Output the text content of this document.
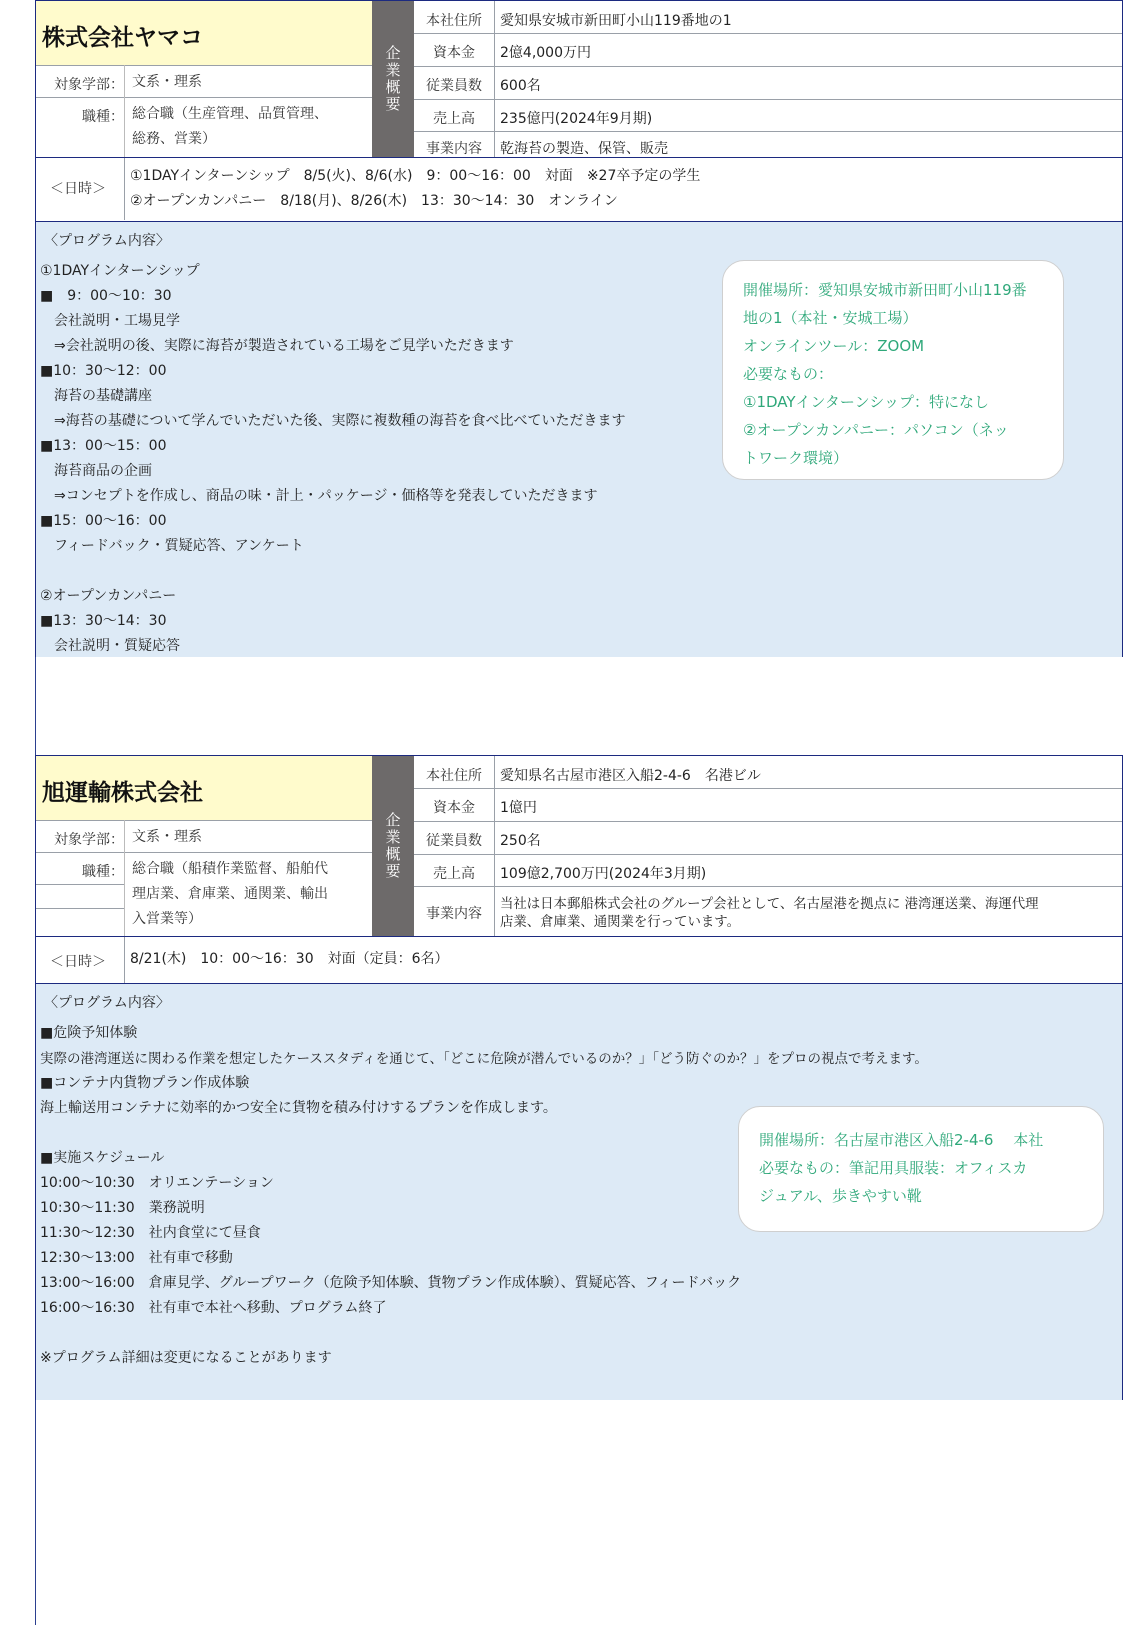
株式会社ヤマコ
対象学部： 文系・理系
職種： 総合職（生産管理、品質管理、
総務、営業）
企業概要
本社住所	愛知県安城市新田町小山119番地の1
資本金	2億4,000万円
従業員数	600名
売上高	235億円(2024年9月期)
事業内容	乾海苔の製造、保管、販売
＜日時＞
①1DAYインターンシップ　8/5(火)、8/6(水)　9：00〜16：00　対面　※27卒予定の学生
②オープンカンパニー　8/18(月)、8/26(木)　13：30〜14：30　オンライン
〈プログラム内容〉
①1DAYインターンシップ
■　9：00〜10：30
　会社説明・工場見学
　⇒会社説明の後、実際に海苔が製造されている工場をご見学いただきます
■10：30〜12：00
　海苔の基礎講座
　⇒海苔の基礎について学んでいただいた後、実際に複数種の海苔を食べ比べていただきます
■13：00〜15：00
　海苔商品の企画
　⇒コンセプトを作成し、商品の味・計上・パッケージ・価格等を発表していただきます
■15：00〜16：00
　フィードバック・質疑応答、アンケート
②オープンカンパニー
■13：30〜14：30
　会社説明・質疑応答
開催場所：愛知県安城市新田町小山119番
地の1（本社・安城工場）
オンラインツール：ZOOM
必要なもの：
①1DAYインターンシップ：特になし
②オープンカンパニー：パソコン（ネッ
トワーク環境）
旭運輸株式会社
対象学部： 文系・理系
職種： 総合職（船積作業監督、船舶代
理店業、倉庫業、通関業、輸出
入営業等）
企業概要
本社住所	愛知県名古屋市港区入船2-4-6　名港ビル
資本金	1億円
従業員数	250名
売上高	109億2,700万円(2024年3月期)
事業内容
当社は日本郵船株式会社のグループ会社として、名古屋港を拠点に 港湾運送業、海運代理
店業、倉庫業、通関業を行っています。
＜日時＞ 8/21(木)　10：00〜16：30　対面（定員：6名）
〈プログラム内容〉
■危険予知体験
実際の港湾運送に関わる作業を想定したケーススタディを通じて、「どこに危険が潜んでいるのか？」「どう防ぐのか？」をプロの視点で考えます。
■コンテナ内貨物プラン作成体験
海上輸送用コンテナに効率的かつ安全に貨物を積み付けするプランを作成します。
■実施スケジュール
10:00〜10:30　オリエンテーション
10:30〜11:30　業務説明
11:30〜12:30　社内食堂にて昼食
12:30〜13:00　社有車で移動
13:00〜16:00　倉庫見学、グループワーク（危険予知体験、貨物プラン作成体験）、質疑応答、フィードバック
16:00〜16:30　社有車で本社へ移動、プログラム終了
※プログラム詳細は変更になることがあります
開催場所：名古屋市港区入船2-4-6　 本社
必要なもの：筆記用具服装：オフィスカ
ジュアル、歩きやすい靴
